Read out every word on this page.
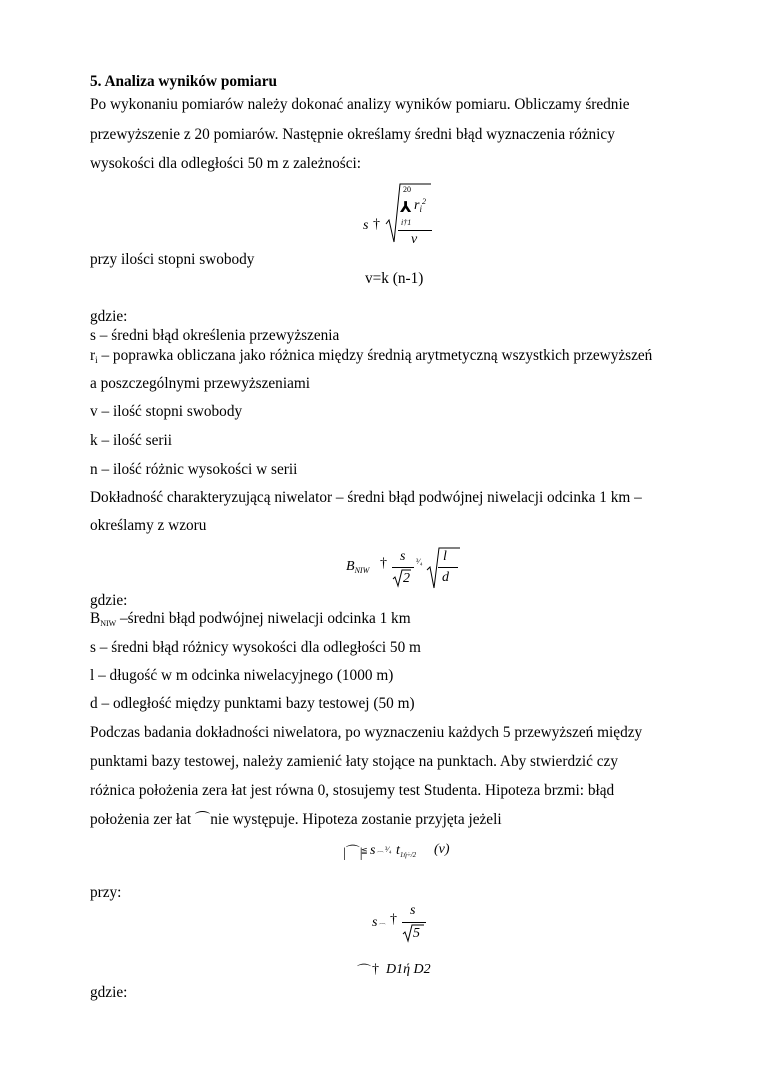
5. Analiza wyników pomiaru
Po wykonaniu pomiarów należy dokonać analizy wyników pomiaru. Obliczamy średnie
przewyższenie z 20 pomiarów. Następnie określamy średni błąd wyznaczenia różnicy
wysokości dla odległości 50 m z zależności:
s †
20
⅄ $r_i^2$
i†1
v
przy ilości stopni swobody
v=k (n-1)
gdzie:
s – średni błąd określenia przewyższenia
ri – poprawka obliczana jako różnica między średnią arytmetyczną wszystkich przewyższeń
a poszczególnymi przewyższeniami
v – ilość stopni swobody
k – ilość serii
n – ilość różnic wysokości w serii
Dokładność charakteryzującą niwelator – średni błąd podwójnej niwelacji odcinka 1 km –
określamy z wzoru
$B_{NIW}$ † s
2
³⁄₄ l
d
gdzie:
BNIW –średni błąd podwójnej niwelacji odcinka 1 km
s – średni błąd różnicy wysokości dla odległości 50 m
l – długość w m odcinka niwelacyjnego (1000 m)
d – odległość między punktami bazy testowej (50 m)
Podczas badania dokładności niwelatora, po wyznaczeniu każdych 5 przewyższeń między
punktami bazy testowej, należy zamienić łaty stojące na punktach. Aby stwierdzić czy
różnica położenia zera łat jest równa 0, stosujemy test Studenta. Hipoteza brzmi: błąd
położenia zer łat ⌒nie występuje. Hipoteza zostanie przyjęta jeżeli
|⌒|
≦ $s_⌒$
³⁄₄ $t_{1ή\div/2}$ (v)
przy:
$s_⌒$ †
s
5
⌒ † D1ή D2
gdzie:
